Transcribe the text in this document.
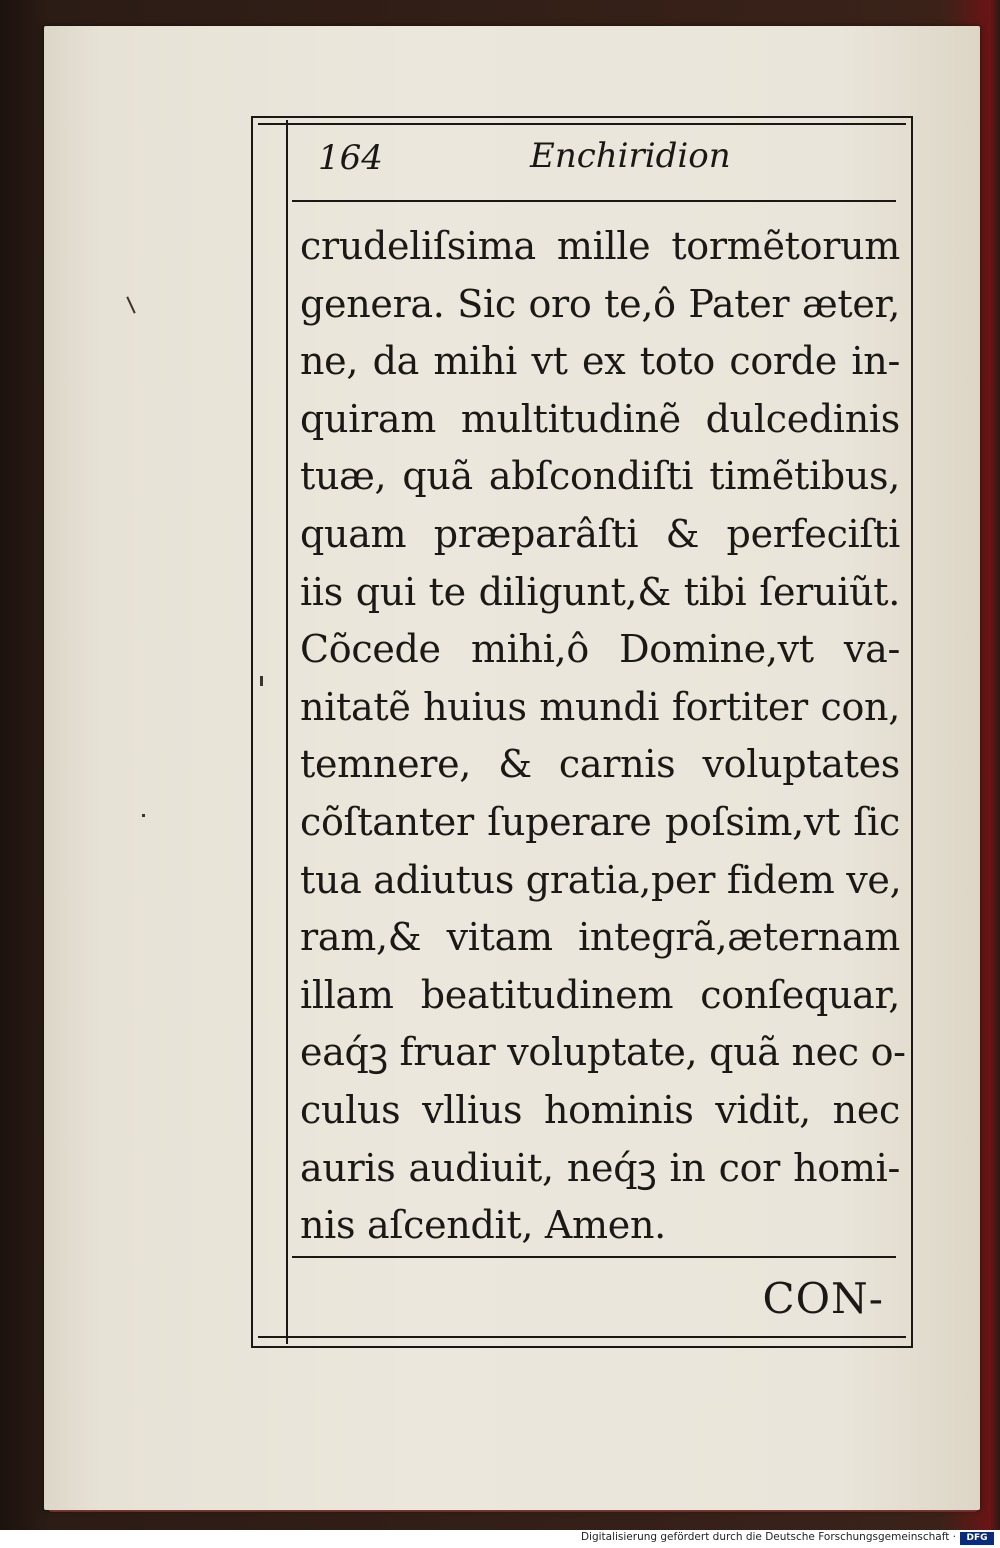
164	Enchiridion
crudeliſsima mille tormẽtorum
genera. Sic oro te,ô Pater æter,
ne, da mihi vt ex toto corde in-
quiram multitudinẽ dulcedinis
tuæ, quã abſcondiſti timẽtibus,
quam præparâſti & perfeciſti
iis qui te diligunt,& tibi ſeruiũt.
Cõcede mihi,ô Domine,vt va-
nitatẽ huius mundi fortiter con,
temnere, & carnis voluptates
cõſtanter ſuperare poſsim,vt ſic
tua adiutus gratia,per fidem ve,
ram,& vitam integrã,æternam
illam beatitudinem conſequar,
eaq́ꝫ fruar voluptate, quã nec o-
culus vllius hominis vidit, nec
auris audiuit, neq́ꝫ in cor homi-
nis aſcendit, Amen.
CON-
Digitalisierung gefördert durch die Deutsche Forschungsgemeinschaft ·	DFG
